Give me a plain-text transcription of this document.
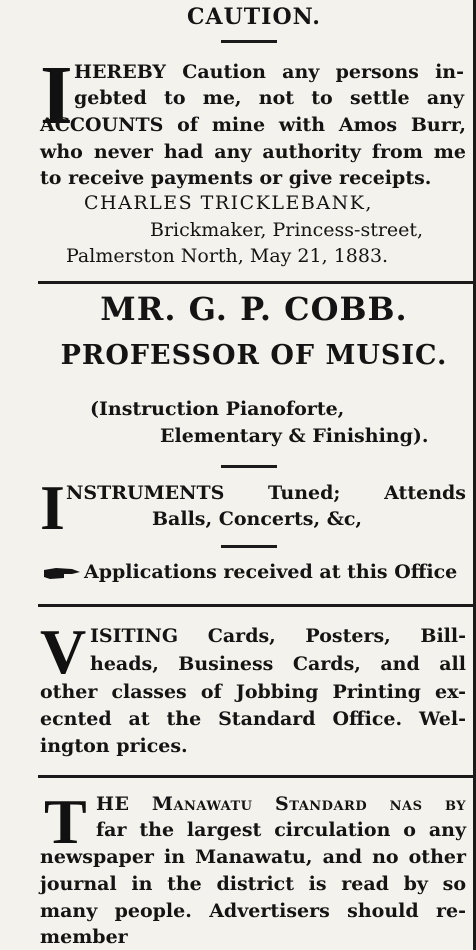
CAUTION.
I HEREBY Caution any persons in-
gebted to me, not to settle any
ACCOUNTS of mine with Amos Burr,
who never had any authority from me
to receive payments or give receipts.
CHARLES TRICKLEBANK,
Brickmaker, Princess-street,
Palmerston North, May 21, 1883.
MR. G. P. COBB.
PROFESSOR OF MUSIC.
(Instruction Pianoforte,
Elementary & Finishing).
I NSTRUMENTS Tuned; Attends
Balls, Concerts, &c,
Applications received at this Office
V ISITING Cards, Posters, Bill-
heads, Business Cards, and all
other classes of Jobbing Printing ex-
ecnted at the Standard Office. Wel-
ington prices.
T HE Manawatu Standard nas by
far the largest circulation o any
newspaper in Manawatu, and no other
journal in the district is read by so
many people. Advertisers should re-
member
